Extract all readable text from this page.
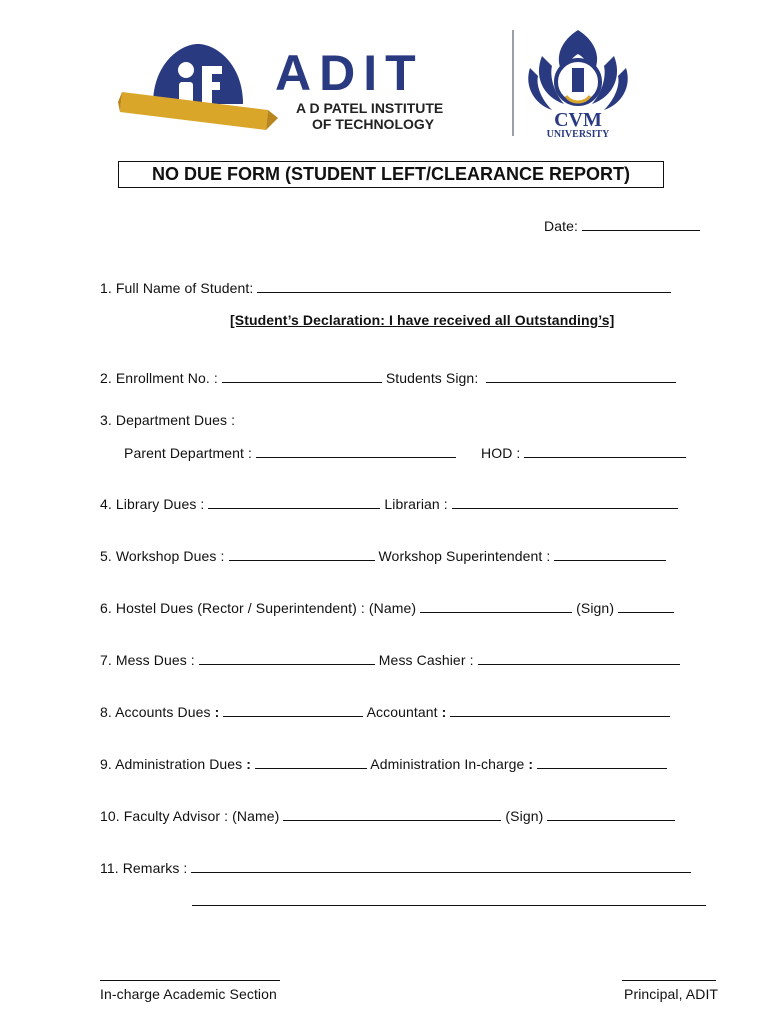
ADIT
A D PATEL INSTITUTE
OF TECHNOLOGY	CVM
UNIVERSITY
NO DUE FORM (STUDENT LEFT/CLEARANCE REPORT)
Date:
1. Full Name of Student:
[Student’s Declaration: I have received all Outstanding’s]
2. Enrollment No. :	Students Sign:
3. Department Dues :
Parent Department :	HOD :
4. Library Dues :	Librarian :
5. Workshop Dues :	Workshop Superintendent :
6. Hostel Dues (Rector / Superintendent) : (Name)	(Sign)
7. Mess Dues :	Mess Cashier :
8. Accounts Dues :	Accountant :
9. Administration Dues :	Administration In-charge :
10. Faculty Advisor : (Name)	(Sign)
11. Remarks :
In-charge Academic Section	Principal, ADIT
